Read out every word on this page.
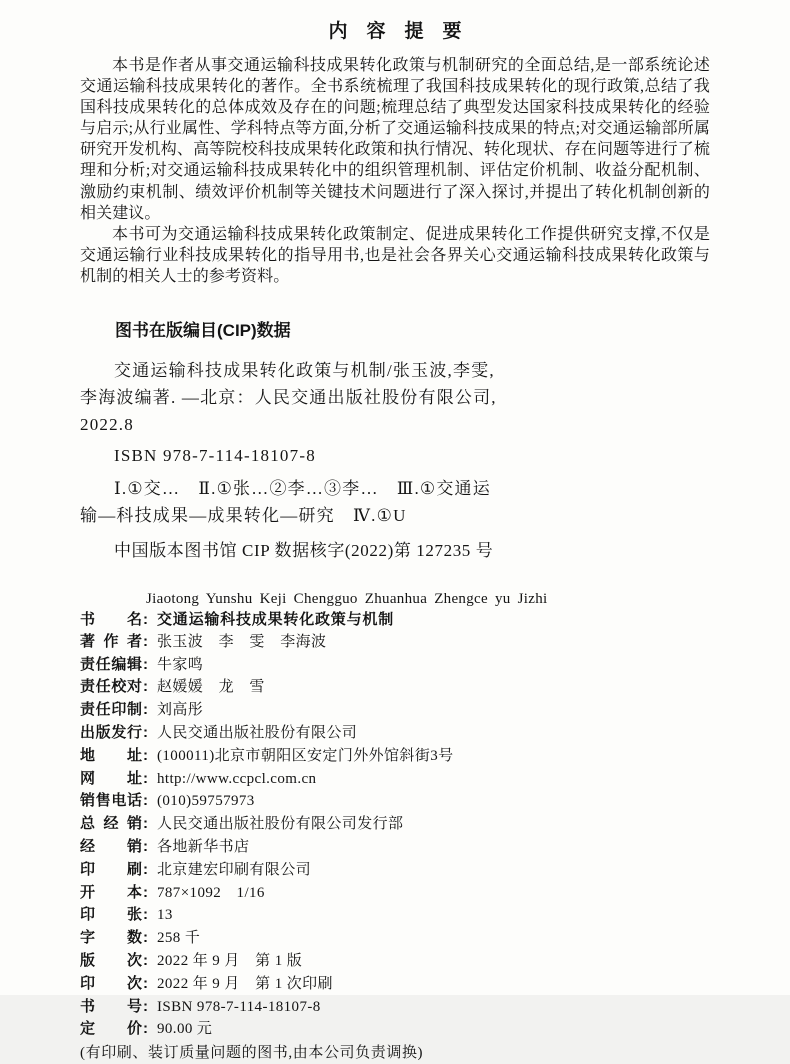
内　容　提　要

本书是作者从事交通运输科技成果转化政策与机制研究的全面总结,是一部系统论述交通运输科技成果转化的著作。全书系统梳理了我国科技成果转化的现行政策,总结了我国科技成果转化的总体成效及存在的问题;梳理总结了典型发达国家科技成果转化的经验与启示;从行业属性、学科特点等方面,分析了交通运输科技成果的特点;对交通运输部所属研究开发机构、高等院校科技成果转化政策和执行情况、转化现状、存在问题等进行了梳理和分析;对交通运输科技成果转化中的组织管理机制、评估定价机制、收益分配机制、激励约束机制、绩效评价机制等关键技术问题进行了深入探讨,并提出了转化机制创新的相关建议。

本书可为交通运输科技成果转化政策制定、促进成果转化工作提供研究支撑,不仅是交通运输行业科技成果转化的指导用书,也是社会各界关心交通运输科技成果转化政策与机制的相关人士的参考资料。

图书在版编目(CIP)数据
交通运输科技成果转化政策与机制/张玉波,李雯,
李海波编著. —北京：人民交通出版社股份有限公司,
2022.8
ISBN 978-7-114-18107-8
Ⅰ.①交…　Ⅱ.①张…②李…③李…　Ⅲ.①交通运
输—科技成果—成果转化—研究　Ⅳ.①U
中国版本图书馆 CIP 数据核字(2022)第 127235 号
Jiaotong Yunshu Keji Chengguo Zhuanhua Zhengce yu Jizhi
书名 : 交通运输科技成果转化政策与机制
著作者 : 张玉波　李　雯　李海波
责任编辑 : 牛家鸣
责任校对 : 赵媛媛　龙　雪
责任印制 : 刘高彤
出版发行 : 人民交通出版社股份有限公司
地址 : (100011)北京市朝阳区安定门外外馆斜街3号
网址 : http://www.ccpcl.com.cn
销售电话 : (010)59757973
总经销 : 人民交通出版社股份有限公司发行部
经销 : 各地新华书店
印刷 : 北京建宏印刷有限公司
开本 : 787×1092　1/16
印张 : 13
字数 : 258 千
版次 : 2022 年 9 月　第 1 版
印次 : 2022 年 9 月　第 1 次印刷
书号 : ISBN 978-7-114-18107-8
定价 : 90.00 元
(有印刷、装订质量问题的图书,由本公司负责调换)
